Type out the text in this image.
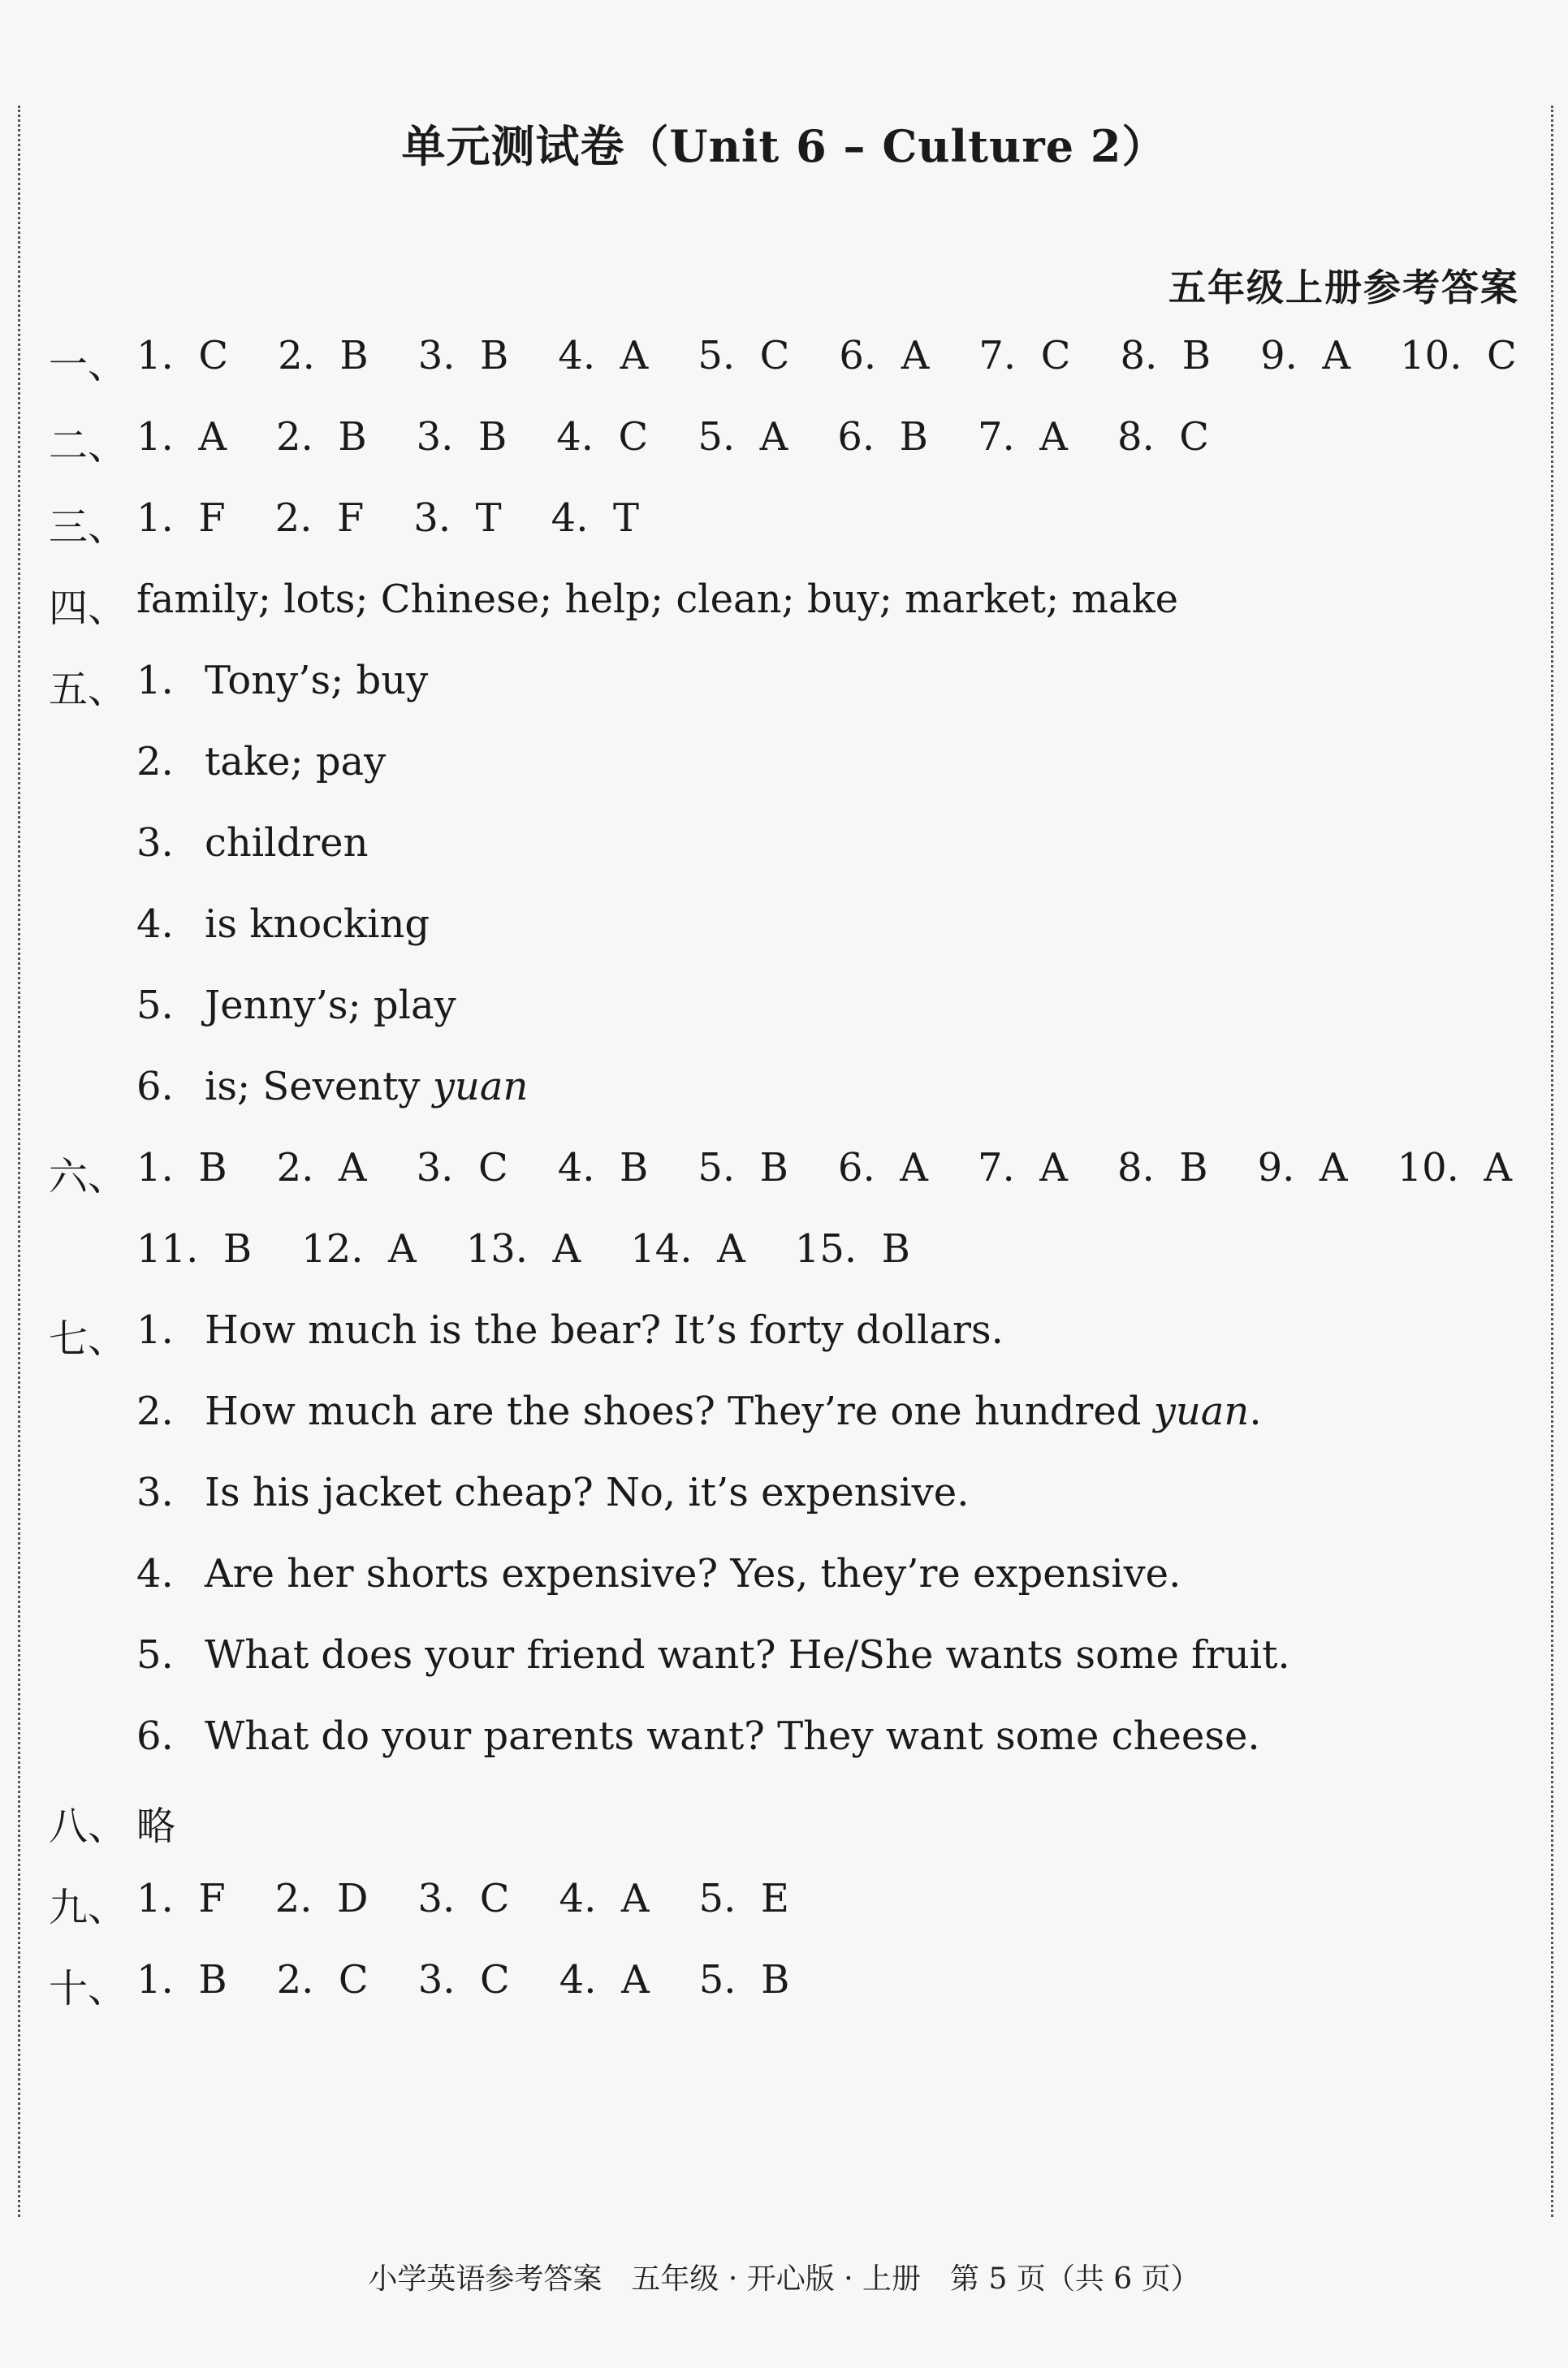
单元测试卷（Unit 6 – Culture 2）
五年级上册参考答案
一、 1.  C    2.  B    3.  B    4.  A    5.  C    6.  A    7.  C    8.  B    9.  A    10.  C
二、 1.  A    2.  B    3.  B    4.  C    5.  A    6.  B    7.  A    8.  C
三、 1.  F    2.  F    3.  T    4.  T
四、 family; lots; Chinese; help; clean; buy; market; make
五、 1. Tony’s; buy
2. take; pay
3. children
4. is knocking
5. Jenny’s; play
6. is; Seventy yuan
六、 1.  B    2.  A    3.  C    4.  B    5.  B    6.  A    7.  A    8.  B    9.  A    10.  A
11.  B    12.  A    13.  A    14.  A    15.  B
七、 1. How much is the bear? It’s forty dollars.
2. How much are the shoes? They’re one hundred yuan.
3. Is his jacket cheap? No, it’s expensive.
4. Are her shorts expensive? Yes, they’re expensive.
5. What does your friend want? He/She wants some fruit.
6. What do your parents want? They want some cheese.
八、 略
九、 1.  F    2.  D    3.  C    4.  A    5.  E
十、 1.  B    2.  C    3.  C    4.  A    5.  B
小学英语参考答案　五年级 · 开心版 · 上册　第 5 页（共 6 页）
